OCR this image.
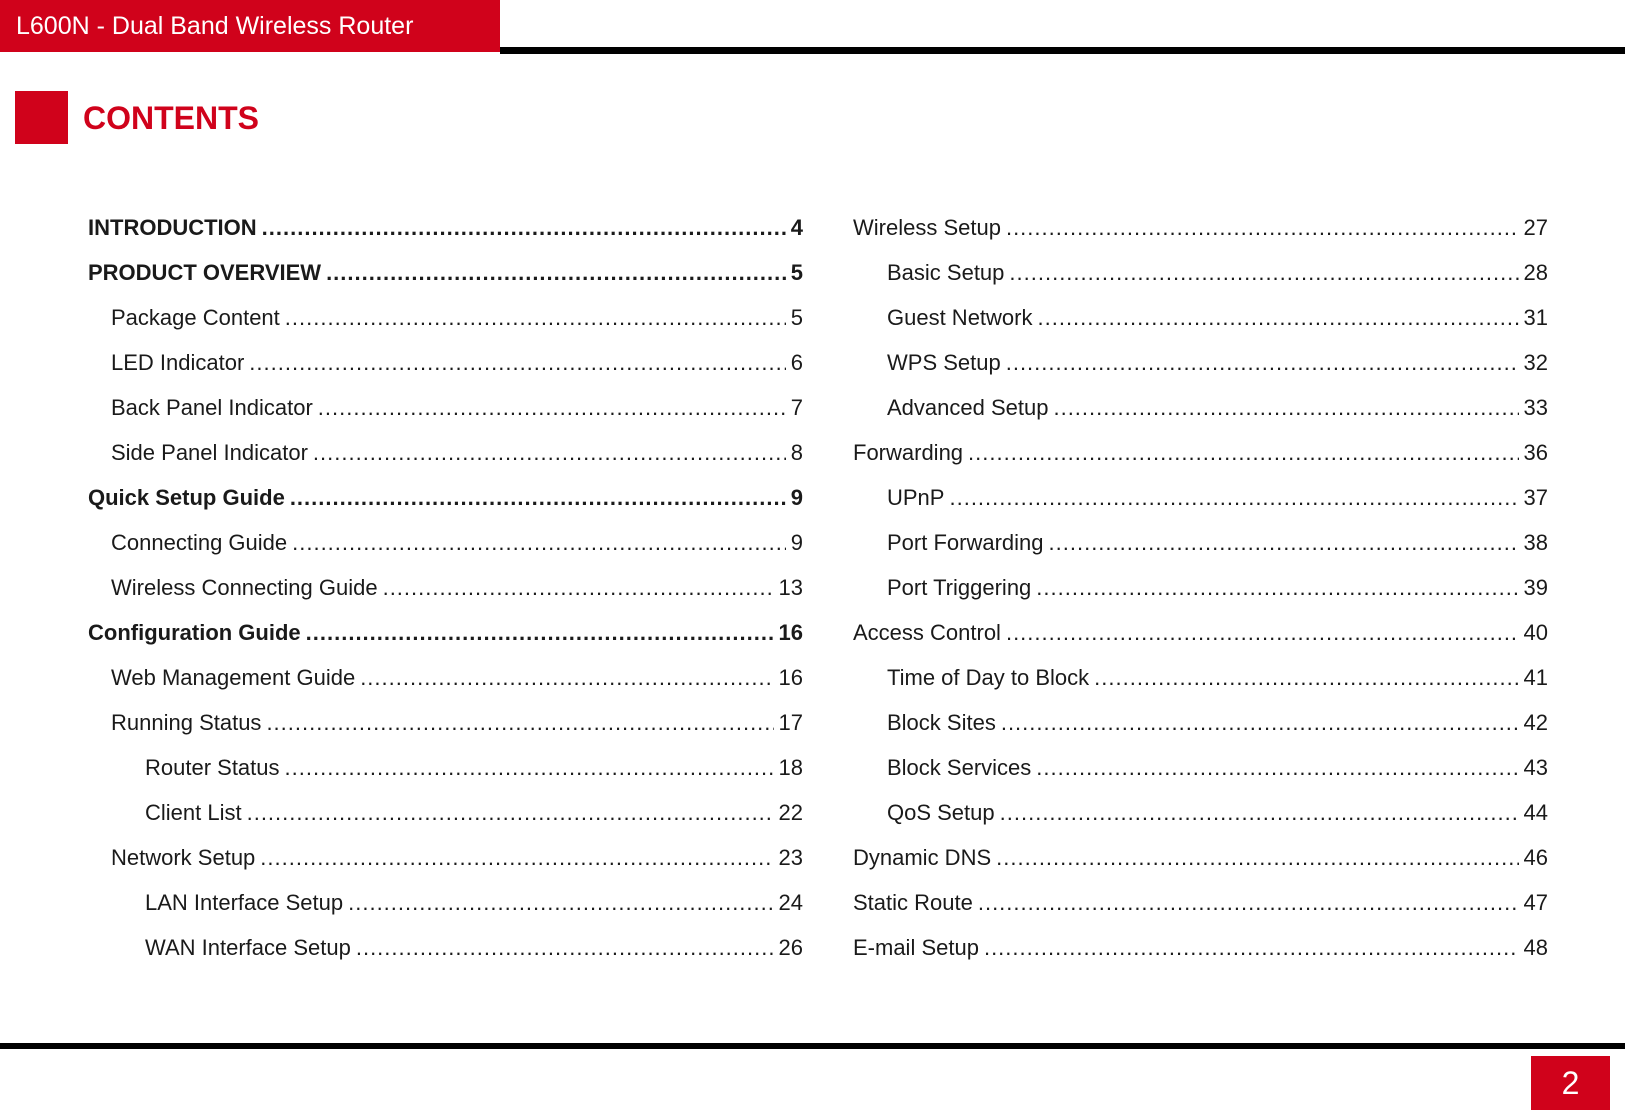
L600N - Dual Band Wireless Router
CONTENTS
INTRODUCTION .....	4
PRODUCT OVERVIEW .....	5
Package Content .....	5
LED Indicator .....	6
Back Panel Indicator .....	7
Side Panel Indicator .....	8
Quick Setup Guide .....	9
Connecting Guide .....	9
Wireless Connecting Guide .....	13
Configuration Guide .....	16
Web Management Guide .....	16
Running Status .....	17
Router Status .....	18
Client List .....	22
Network Setup .....	23
LAN Interface Setup .....	24
WAN Interface Setup .....	26
Wireless Setup .....	27
Basic Setup .....	28
Guest Network .....	31
WPS Setup .....	32
Advanced Setup .....	33
Forwarding .....	36
UPnP .....	37
Port Forwarding .....	38
Port Triggering .....	39
Access Control .....	40
Time of Day to Block .....	41
Block Sites .....	42
Block Services .....	43
QoS Setup .....	44
Dynamic DNS .....	46
Static Route .....	47
E-mail Setup .....	48
2
